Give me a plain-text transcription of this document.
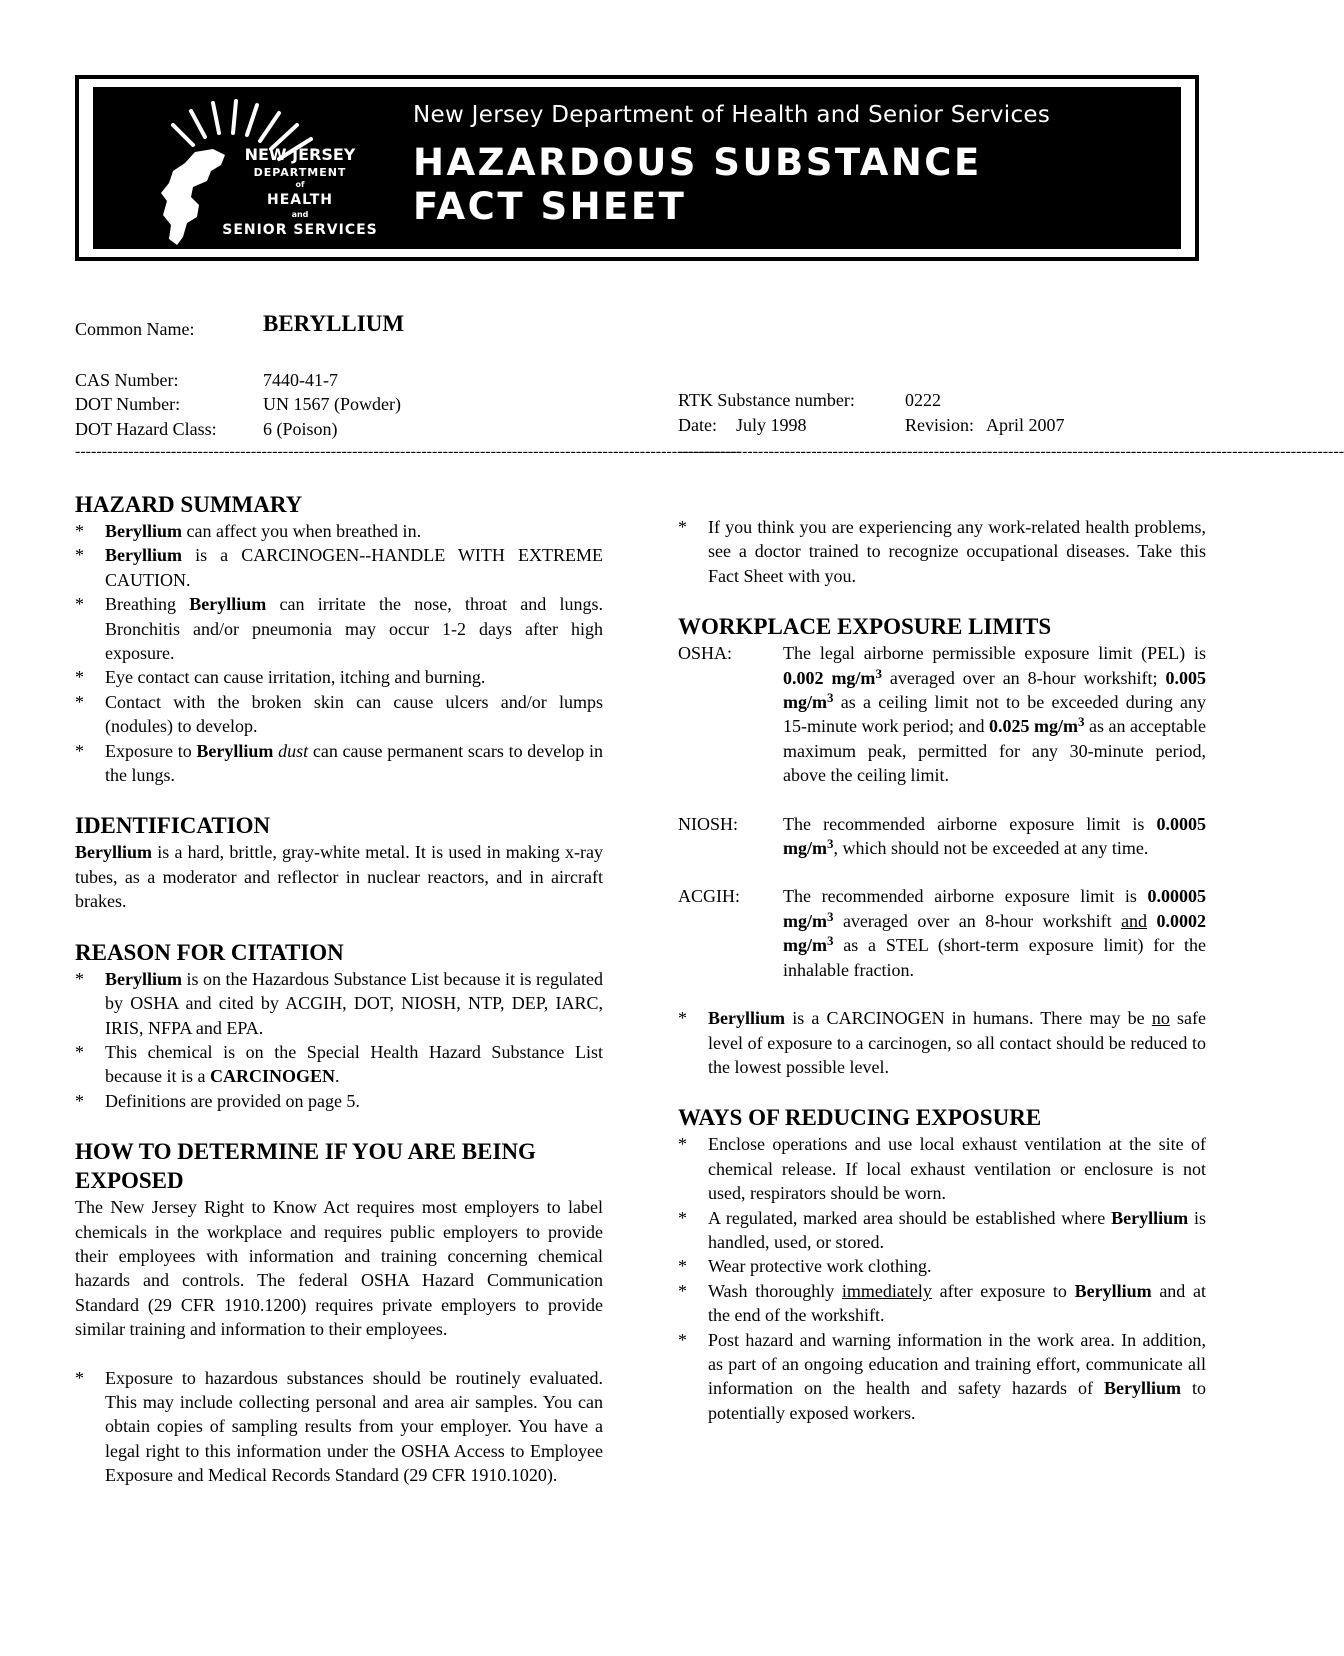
NEW JERSEY
DEPARTMENT
of
HEALTH
and
SENIOR SERVICES
New Jersey Department of Health and Senior Services
HAZARDOUS SUBSTANCE
FACT SHEET
Common Name:	BERYLLIUM
CAS Number:	7440-41-7
DOT Number:	UN 1567 (Powder)
DOT Hazard Class:	6 (Poison)
-----------------------------------------------------------------------------------------------------------------------------
RTK Substance number:	0222
Date: July 1998	Revision: April 2007
-----------------------------------------------------------------------------------------------------------------------------
HAZARD SUMMARY
* Beryllium can affect you when breathed in.
* Beryllium is a CARCINOGEN--HANDLE WITH EXTREME CAUTION.
* Breathing Beryllium can irritate the nose, throat and lungs. Bronchitis and/or pneumonia may occur 1-2 days after high exposure.
* Eye contact can cause irritation, itching and burning.
* Contact with the broken skin can cause ulcers and/or lumps (nodules) to develop.
* Exposure to Beryllium dust can cause permanent scars to develop in the lungs.
IDENTIFICATION

Beryllium is a hard, brittle, gray-white metal. It is used in making x-ray tubes, as a moderator and reflector in nuclear reactors, and in aircraft brakes.

REASON FOR CITATION
* Beryllium is on the Hazardous Substance List because it is regulated by OSHA and cited by ACGIH, DOT, NIOSH, NTP, DEP, IARC, IRIS, NFPA and EPA.
* This chemical is on the Special Health Hazard Substance List because it is a CARCINOGEN.
* Definitions are provided on page 5.
HOW TO DETERMINE IF YOU ARE BEING EXPOSED

The New Jersey Right to Know Act requires most employers to label chemicals in the workplace and requires public employers to provide their employees with information and training concerning chemical hazards and controls. The federal OSHA Hazard Communication Standard (29 CFR 1910.1200) requires private employers to provide similar training and information to their employees.

* Exposure to hazardous substances should be routinely evaluated. This may include collecting personal and area air samples. You can obtain copies of sampling results from your employer. You have a legal right to this information under the OSHA Access to Employee Exposure and Medical Records Standard (29 CFR 1910.1020).
* If you think you are experiencing any work-related health problems, see a doctor trained to recognize occupational diseases. Take this Fact Sheet with you.
WORKPLACE EXPOSURE LIMITS
OSHA:	The legal airborne permissible exposure limit (PEL) is 0.002 $mg/m^3$ averaged over an 8-hour workshift; 0.005 $mg/m^3$ as a ceiling limit not to be exceeded during any 15-minute work period; and 0.025 $mg/m^3$ as an acceptable maximum peak, permitted for any 30-minute period, above the ceiling limit.
NIOSH: The recommended airborne exposure limit is 0.0005 $mg/m^3$, which should not be exceeded at any time.
ACGIH: The recommended airborne exposure limit is 0.00005 $mg/m^3$ averaged over an 8-hour workshift and 0.0002 $mg/m^3$ as a STEL (short-term exposure limit) for the inhalable fraction.
* Beryllium is a CARCINOGEN in humans. There may be no safe level of exposure to a carcinogen, so all contact should be reduced to the lowest possible level.
WAYS OF REDUCING EXPOSURE
* Enclose operations and use local exhaust ventilation at the site of chemical release. If local exhaust ventilation or enclosure is not used, respirators should be worn.
* A regulated, marked area should be established where Beryllium is handled, used, or stored.
* Wear protective work clothing.
* Wash thoroughly immediately after exposure to Beryllium and at the end of the workshift.
* Post hazard and warning information in the work area. In addition, as part of an ongoing education and training effort, communicate all information on the health and safety hazards of Beryllium to potentially exposed workers.
